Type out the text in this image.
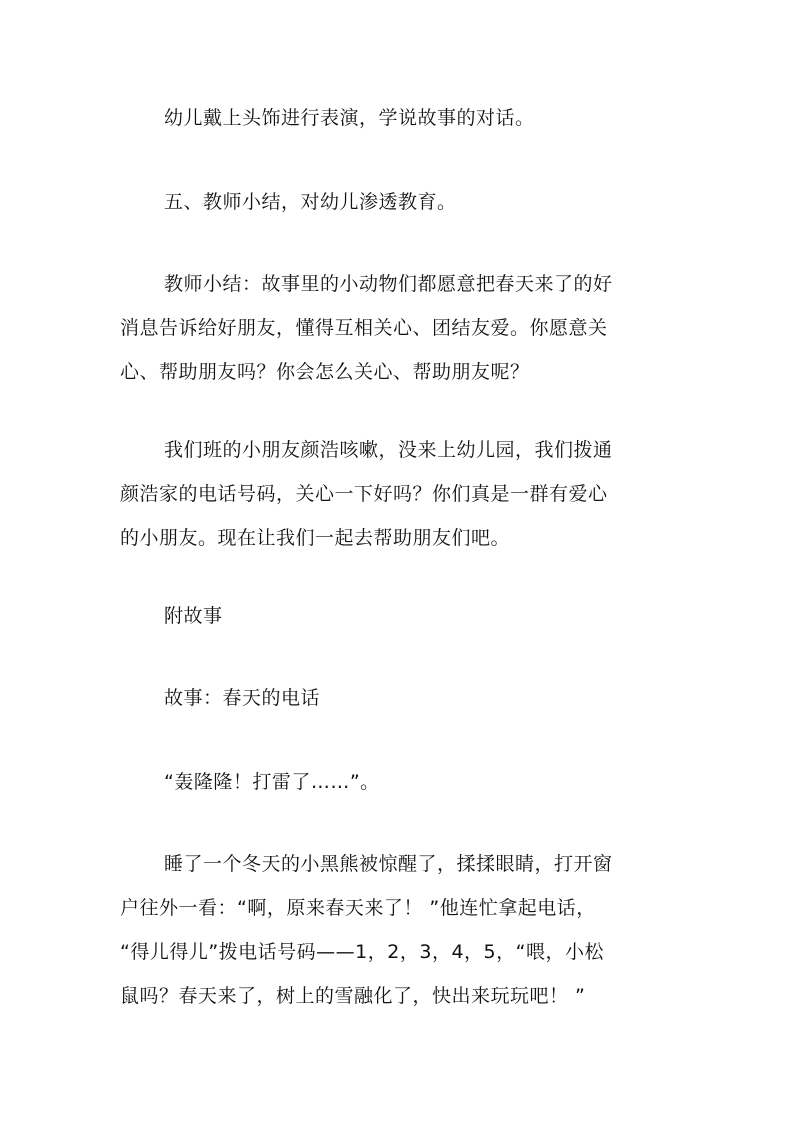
幼儿戴上头饰进行表演，学说故事的对话。

五、教师小结，对幼儿渗透教育。

教师小结：故事里的小动物们都愿意把春天来了的好
消息告诉给好朋友，懂得互相关心、团结友爱。你愿意关
心、帮助朋友吗？你会怎么关心、帮助朋友呢？

我们班的小朋友颜浩咳嗽，没来上幼儿园，我们拨通
颜浩家的电话号码，关心一下好吗？你们真是一群有爱心
的小朋友。现在让我们一起去帮助朋友们吧。

附故事

故事：春天的电话

“轰隆隆！打雷了……”。

睡了一个冬天的小黑熊被惊醒了，揉揉眼睛，打开窗
户往外一看：“啊，原来春天来了！ ”他连忙拿起电话，
“得儿得儿”拨电话号码——1，2，3，4，5，“喂，小松
鼠吗？春天来了，树上的雪融化了，快出来玩玩吧！ ”
